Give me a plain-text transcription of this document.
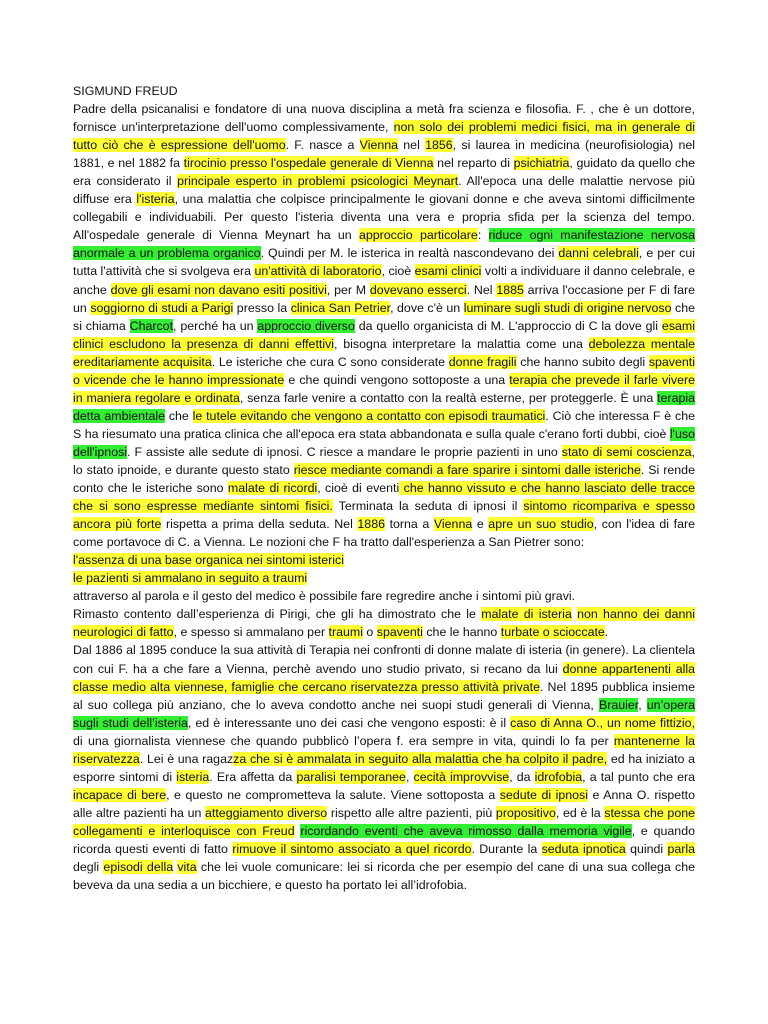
SIGMUND FREUD

Padre della psicanalisi e fondatore di una nuova disciplina a metà fra scienza e filosofia. F. , che è un dottore, fornisce un'interpretazione dell'uomo complessivamente, non solo dei problemi medici fisici, ma in generale di tutto ciò che è espressione dell'uomo. F. nasce a Vienna nel 1856, si laurea in medicina (neurofisiologia) nel 1881, e nel 1882 fa tirocinio presso l'ospedale generale di Vienna nel reparto di psichiatria, guidato da quello che era considerato il principale esperto in problemi psicologici Meynart. All'epoca una delle malattie nervose più diffuse era l'isteria, una malattia che colpisce principalmente le giovani donne e che aveva sintomi difficilmente collegabili e individuabili. Per questo l'isteria diventa una vera e propria sfida per la scienza del tempo. All'ospedale generale di Vienna Meynart ha un approccio particolare: riduce ogni manifestazione nervosa anormale a un problema organico. Quindi per M. le isterica in realtà nascondevano dei danni celebrali, e per cui tutta l'attività che si svolgeva era un'attività di laboratorio, cioè esami clinici volti a individuare il danno celebrale, e anche dove gli esami non davano esiti positivi, per M dovevano esserci. Nel 1885 arriva l'occasione per F di fare un soggiorno di studi a Parigi presso la clinica San Petrier, dove c'è un luminare sugli studi di origine nervoso che si chiama Charcot, perché ha un approccio diverso da quello organicista di M. L'approccio di C la dove gli esami clinici escludono la presenza di danni effettivi, bisogna interpretare la malattia come una debolezza mentale ereditariamente acquisita. Le isteriche che cura C sono considerate donne fragili che hanno subito degli spaventi o vicende che le hanno impressionate e che quindi vengono sottoposte a una terapia che prevede il farle vivere in maniera regolare e ordinata, senza farle venire a contatto con la realtà esterne, per proteggerle. È una terapia detta ambientale che le tutele evitando che vengono a contatto con episodi traumatici. Ciò che interessa F è che S ha riesumato una pratica clinica che all'epoca era stata abbandonata e sulla quale c'erano forti dubbi, cioè l'uso dell'ipnosi. F assiste alle sedute di ipnosi. C riesce a mandare le proprie pazienti in uno stato di semi coscienza, lo stato ipnoide, e durante questo stato riesce mediante comandi a fare sparire i sintomi dalle isteriche. Si rende conto che le isteriche sono malate di ricordi, cioè di eventi che hanno vissuto e che hanno lasciato delle tracce che si sono espresse mediante sintomi fisici. Terminata la seduta di ipnosi il sintomo ricompariva e spesso ancora più forte rispetta a prima della seduta. Nel 1886 torna a Vienna e apre un suo studio, con l'idea di fare come portavoce di C. a Vienna. Le nozioni che F ha tratto dall'esperienza a San Pietrer sono:

l'assenza di una base organica nei sintomi isterici

le pazienti si ammalano in seguito a traumi

attraverso al parola e il gesto del medico è possibile fare regredire anche i sintomi più gravi.

Rimasto contento dall’esperienza di Pirigi, che gli ha dimostrato che le malate di isteria non hanno dei danni neurologici di fatto, e spesso si ammalano per traumi o spaventi che le hanno turbate o scioccate.

Dal 1886 al 1895 conduce la sua attività di Terapia nei confronti di donne malate di isteria (in genere). La clientela con cui F. ha a che fare a Vienna, perchè avendo uno studio privato, si recano da lui donne appartenenti alla classe medio alta viennese, famiglie che cercano riservatezza presso attività private. Nel 1895 pubblica insieme al suo collega più anziano, che lo aveva condotto anche nei suopi studi generali di Vienna, Brauier, un’opera sugli studi dell’isteria, ed è interessante uno dei casi che vengono esposti: è il caso di Anna O., un nome fittizio, di una giornalista viennese che quando pubblicò l’opera f. era sempre in vita, quindi lo fa per mantenerne la riservatezza. Lei è una ragazza che si è ammalata in seguito alla malattia che ha colpito il padre, ed ha iniziato a esporre sintomi di isteria. Era affetta da paralisi temporanee, cecità improvvise, da idrofobia, a tal punto che era incapace di bere, e questo ne comprometteva la salute. Viene sottoposta a sedute di ipnosi e Anna O. rispetto alle altre pazienti ha un atteggiamento diverso rispetto alle altre pazienti, più propositivo, ed è la stessa che pone collegamenti e interloquisce con Freud ricordando eventi che aveva rimosso dalla memoria vigile, e quando ricorda questi eventi di fatto rimuove il sintomo associato a quel ricordo. Durante la seduta ipnotica quindi parla degli episodi della vita che lei vuole comunicare: lei si ricorda che per esempio del cane di una sua collega che beveva da una sedia a un bicchiere, e questo ha portato lei all’idrofobia.
